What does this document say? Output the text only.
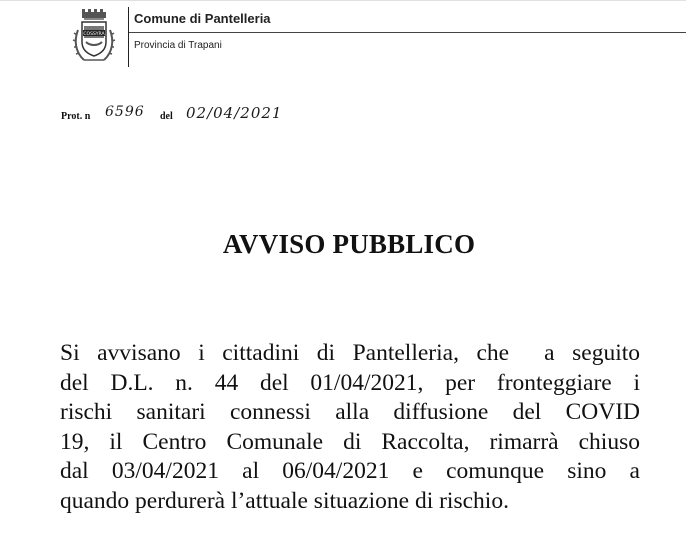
COSSYRA
Comune di Pantelleria
Provincia di Trapani
Prot. n 6596 del 02/04/2021
AVVISO PUBBLICO
Si avvisano i cittadini di Pantelleria, che  a seguito
del D.L. n. 44 del 01/04/2021, per fronteggiare i
rischi sanitari connessi alla diffusione del COVID
19, il Centro Comunale di Raccolta, rimarrà chiuso
dal 03/04/2021 al 06/04/2021 e comunque sino a
quando perdurerà l’attuale situazione di rischio.
